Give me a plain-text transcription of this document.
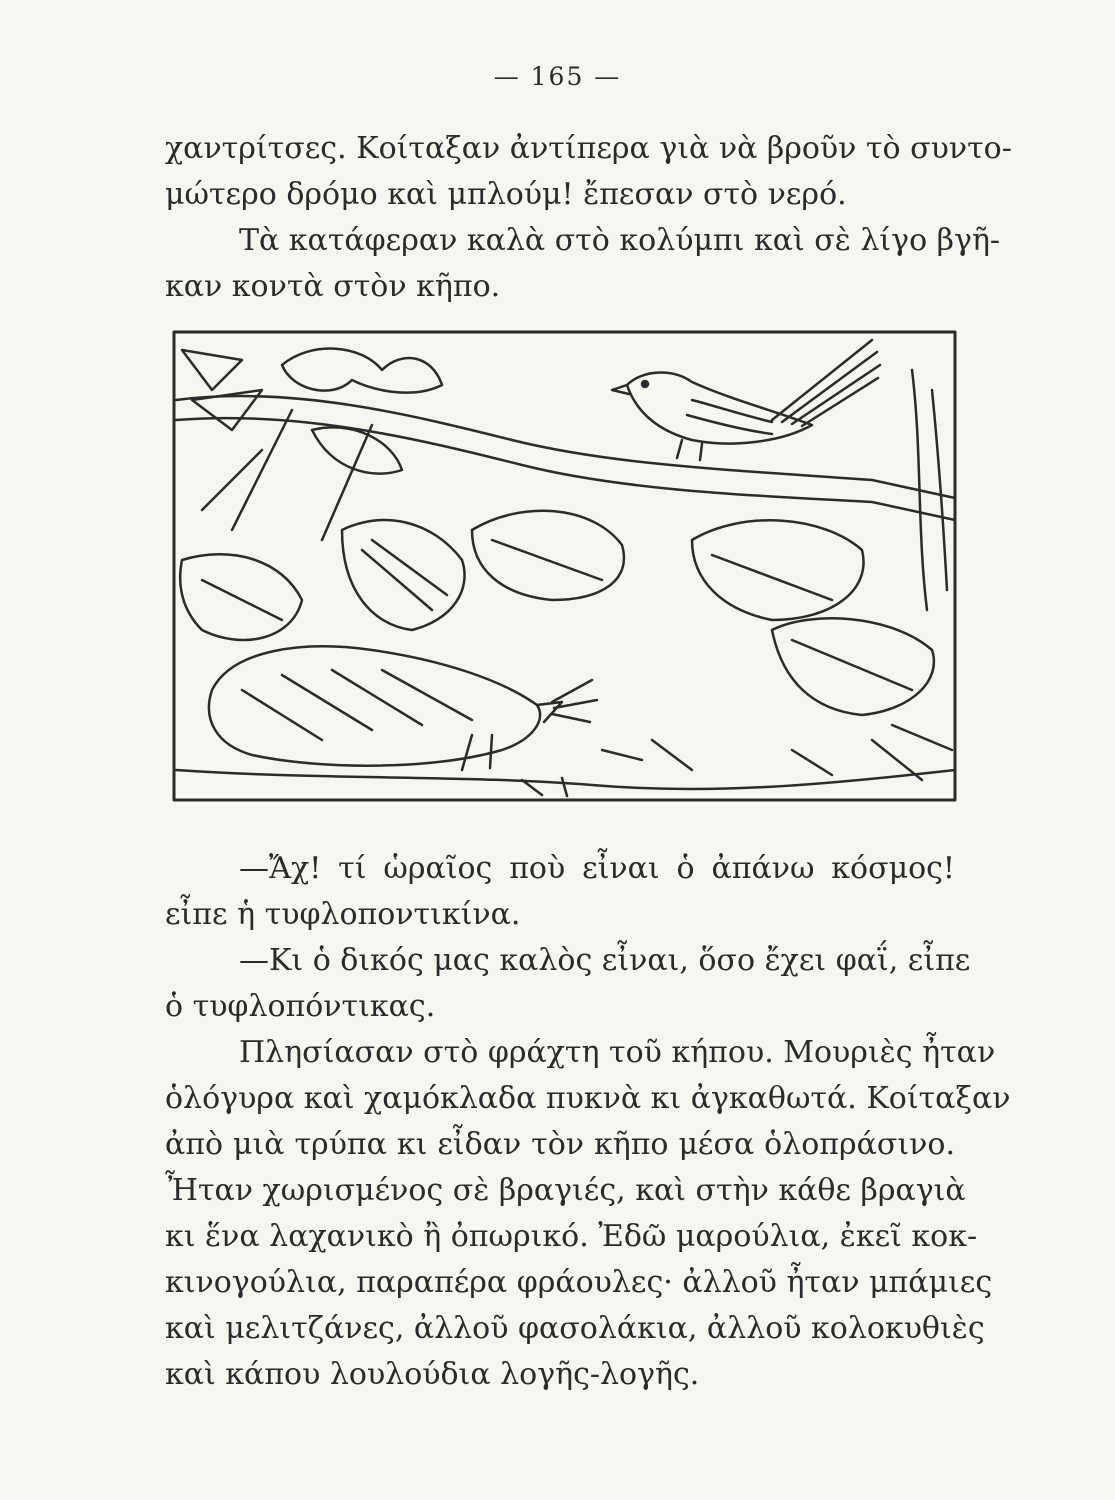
— 165 —
χαντρίτσες. Κοίταξαν ἀντίπερα γιὰ νὰ βροῦν τὸ συντο-
μώτερο δρόμο καὶ μπλούμ! ἔπεσαν στὸ νερό.
Τὰ κατάφεραν καλὰ στὸ κολύμπι καὶ σὲ λίγο βγῆ-
καν κοντὰ στὸν κῆπο.
—Ἄχ! τί ὡραῖος ποὺ εἶναι ὁ ἀπάνω κόσμος!
εἶπε ἡ τυφλοποντικίνα.
—Κι ὁ δικός μας καλὸς εἶναι, ὅσο ἔχει φαΐ, εἶπε
ὁ τυφλοπόντικας.
Πλησίασαν στὸ φράχτη τοῦ κήπου. Μουριὲς ἦταν
ὁλόγυρα καὶ χαμόκλαδα πυκνὰ κι ἀγκαθωτά. Κοίταξαν
ἀπὸ μιὰ τρύπα κι εἶδαν τὸν κῆπο μέσα ὁλοπράσινο.
Ἦταν χωρισμένος σὲ βραγιές, καὶ στὴν κάθε βραγιὰ
κι ἕνα λαχανικὸ ἢ ὀπωρικό. Ἐδῶ μαρούλια, ἐκεῖ κοκ-
κινογούλια, παραπέρα φράουλες· ἀλλοῦ ἦταν μπάμιες
καὶ μελιτζάνες, ἀλλοῦ φασολάκια, ἀλλοῦ κολοκυθιὲς
καὶ κάπου λουλούδια λογῆς-λογῆς.
